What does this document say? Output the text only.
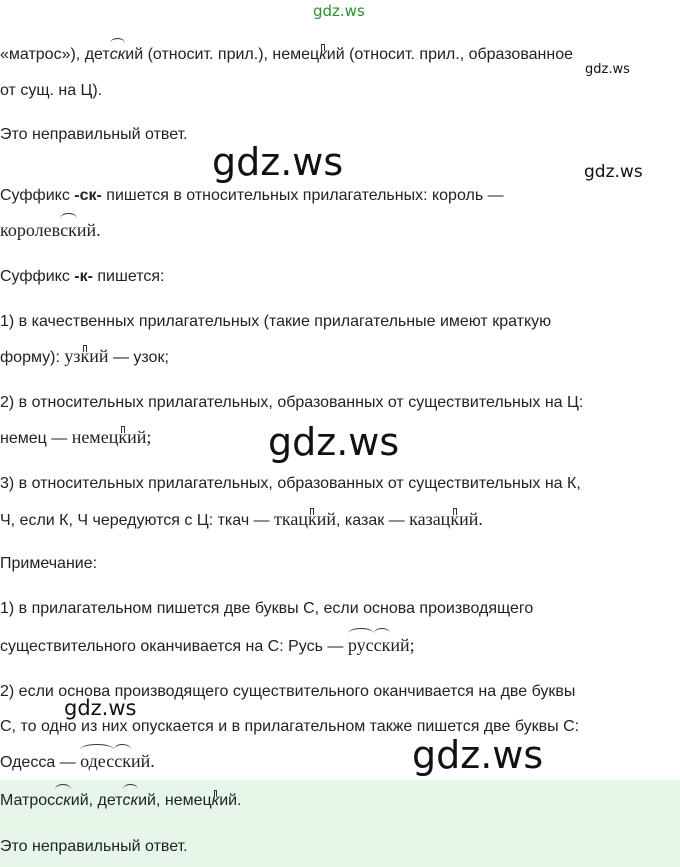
gdz.ws
gdz.ws
gdz.ws	gdz.ws
gdz.ws
gdz.ws
gdz.ws
«матрос»), дет
ский (относит. прил.), немец
кий (относит. прил., образованное
от сущ. на Ц).
Это неправильный ответ.
Суффикс -ск- пишется в относительных прилагательных: король —
королев
ский.
Суффикс -к- пишется:
1) в качественных прилагательных (такие прилагательные имеют краткую
форму): уз
кий — узок;
2) в относительных прилагательных, образованных от существительных на Ц:
немец — немец
кий;
3) в относительных прилагательных, образованных от существительных на К,
Ч, если К, Ч чередуются с Ц: ткач — ткац
кий, казак — казац
кий.
Примечание:
1) в прилагательном пишется две буквы С, если основа производящего
существительного оканчивается на С: Русь —
рус
ский;
2) если основа производящего существительного оканчивается на две буквы
С, то одно из них опускается и в прилагательном также пишется две буквы С:
Одесса —
одес
ский.
Матрос
ский, дет
ский, немец
кий.
Это неправильный ответ.
